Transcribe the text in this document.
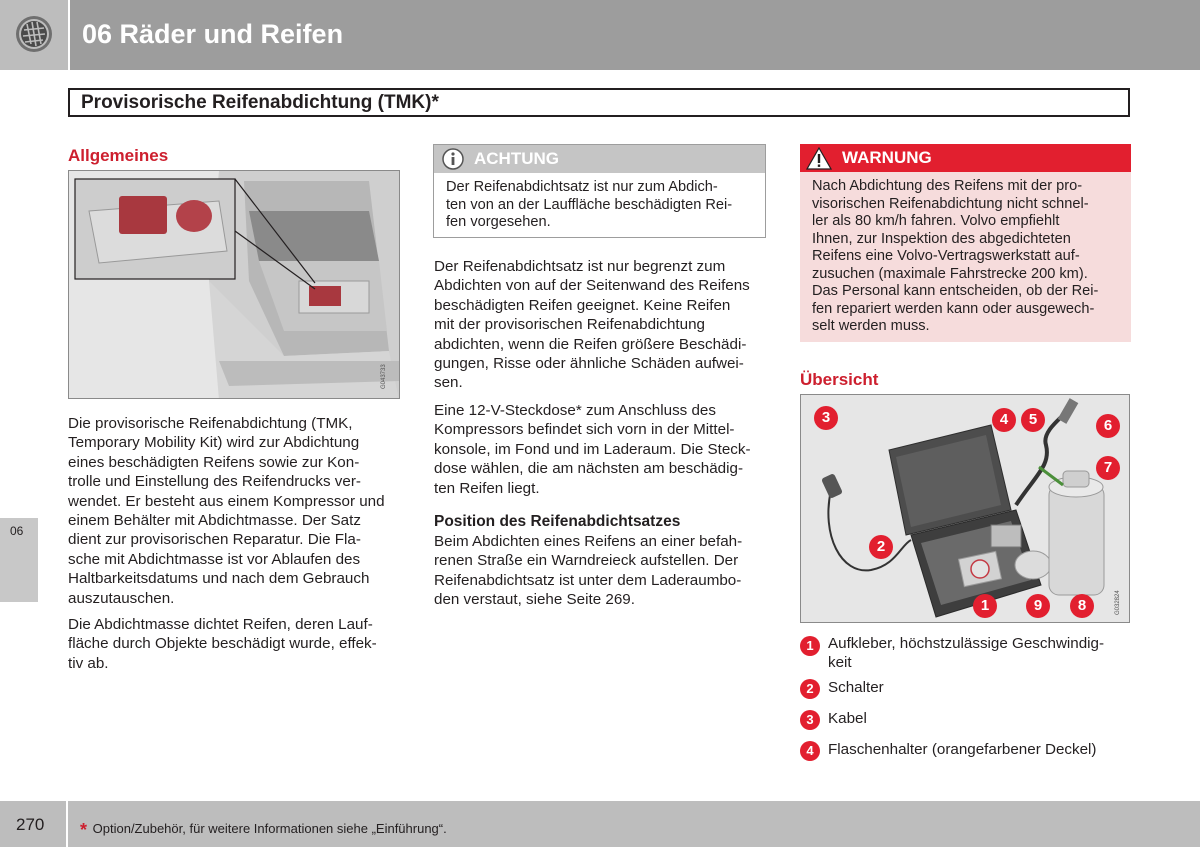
06 Räder und Reifen
Provisorische Reifenabdichtung (TMK)*
Allgemeines
G043733
Die provisorische Reifenabdichtung (TMK,
Temporary Mobility Kit) wird zur Abdichtung
eines beschädigten Reifens sowie zur Kon-
trolle und Einstellung des Reifendrucks ver-
wendet. Er besteht aus einem Kompressor und
einem Behälter mit Abdichtmasse. Der Satz
dient zur provisorischen Reparatur. Die Fla-
sche mit Abdichtmasse ist vor Ablaufen des
Haltbarkeitsdatums und nach dem Gebrauch
auszutauschen.
Die Abdichtmasse dichtet Reifen, deren Lauf-
fläche durch Objekte beschädigt wurde, effek-
tiv ab.
06
ACHTUNG
Der Reifenabdichtsatz ist nur zum Abdich-
ten von an der Lauffläche beschädigten Rei-
fen vorgesehen.
Der Reifenabdichtsatz ist nur begrenzt zum
Abdichten von auf der Seitenwand des Reifens
beschädigten Reifen geeignet. Keine Reifen
mit der provisorischen Reifenabdichtung
abdichten, wenn die Reifen größere Beschädi-
gungen, Risse oder ähnliche Schäden aufwei-
sen.
Eine 12-V-Steckdose* zum Anschluss des
Kompressors befindet sich vorn in der Mittel-
konsole, im Fond und im Laderaum. Die Steck-
dose wählen, die am nächsten am beschädig-
ten Reifen liegt.
Position des Reifenabdichtsatzes
Beim Abdichten eines Reifens an einer befah-
renen Straße ein Warndreieck aufstellen. Der
Reifenabdichtsatz ist unter dem Laderaumbo-
den verstaut, siehe Seite 269.
WARNUNG
Nach Abdichtung des Reifens mit der pro-
visorischen Reifenabdichtung nicht schnel-
ler als 80 km/h fahren. Volvo empfiehlt
Ihnen, zur Inspektion des abgedichteten
Reifens eine Volvo-Vertragswerkstatt auf-
zusuchen (maximale Fahrstrecke 200 km).
Das Personal kann entscheiden, ob der Rei-
fen repariert werden kann oder ausgewech-
selt werden muss.
Übersicht
G032824
3	4	5	6
7
2
1	9	8
1 Aufkleber, höchstzulässige Geschwindig-
keit
2 Schalter
3 Kabel
4 Flaschenhalter (orangefarbener Deckel)
270 * Option/Zubehör, für weitere Informationen siehe „Einführung“.
